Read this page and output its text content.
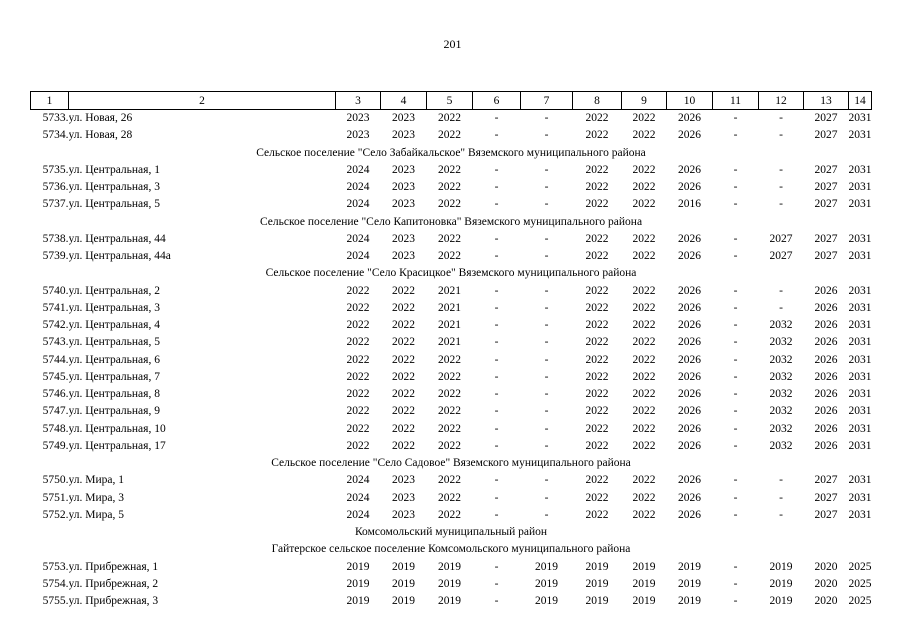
201
1	2	3	4	5	6	7	8	9	10	11	12	13	14
5733.	ул. Новая, 26	2023	2023	2022	-	-	2022	2022	2026	-	-	2027	2031
5734.	ул. Новая, 28	2023	2023	2022	-	-	2022	2022	2026	-	-	2027	2031
Сельское поселение "Село Забайкальское" Вяземского муниципального района													
5735.	ул. Центральная, 1	2024	2023	2022	-	-	2022	2022	2026	-	-	2027	2031
5736.	ул. Центральная, 3	2024	2023	2022	-	-	2022	2022	2026	-	-	2027	2031
5737.	ул. Центральная, 5	2024	2023	2022	-	-	2022	2022	2016	-	-	2027	2031
Сельское поселение "Село Капитоновка" Вяземского муниципального района													
5738.	ул. Центральная, 44	2024	2023	2022	-	-	2022	2022	2026	-	2027	2027	2031
5739.	ул. Центральная, 44а	2024	2023	2022	-	-	2022	2022	2026	-	2027	2027	2031
Сельское поселение "Село Красицкое" Вяземского муниципального района													
5740.	ул. Центральная, 2	2022	2022	2021	-	-	2022	2022	2026	-	-	2026	2031
5741.	ул. Центральная, 3	2022	2022	2021	-	-	2022	2022	2026	-	-	2026	2031
5742.	ул. Центральная, 4	2022	2022	2021	-	-	2022	2022	2026	-	2032	2026	2031
5743.	ул. Центральная, 5	2022	2022	2021	-	-	2022	2022	2026	-	2032	2026	2031
5744.	ул. Центральная, 6	2022	2022	2022	-	-	2022	2022	2026	-	2032	2026	2031
5745.	ул. Центральная, 7	2022	2022	2022	-	-	2022	2022	2026	-	2032	2026	2031
5746.	ул. Центральная, 8	2022	2022	2022	-	-	2022	2022	2026	-	2032	2026	2031
5747.	ул. Центральная, 9	2022	2022	2022	-	-	2022	2022	2026	-	2032	2026	2031
5748.	ул. Центральная, 10	2022	2022	2022	-	-	2022	2022	2026	-	2032	2026	2031
5749.	ул. Центральная, 17	2022	2022	2022	-	-	2022	2022	2026	-	2032	2026	2031
Сельское поселение "Село Садовое" Вяземского муниципального района													
5750.	ул. Мира, 1	2024	2023	2022	-	-	2022	2022	2026	-	-	2027	2031
5751.	ул. Мира, 3	2024	2023	2022	-	-	2022	2022	2026	-	-	2027	2031
5752.	ул. Мира, 5	2024	2023	2022	-	-	2022	2022	2026	-	-	2027	2031
Комсомольский муниципальный район													
Гайтерское сельское поселение Комсомольского муниципального района													
5753.	ул. Прибрежная, 1	2019	2019	2019	-	2019	2019	2019	2019	-	2019	2020	2025
5754.	ул. Прибрежная, 2	2019	2019	2019	-	2019	2019	2019	2019	-	2019	2020	2025
5755.	ул. Прибрежная, 3	2019	2019	2019	-	2019	2019	2019	2019	-	2019	2020	2025
